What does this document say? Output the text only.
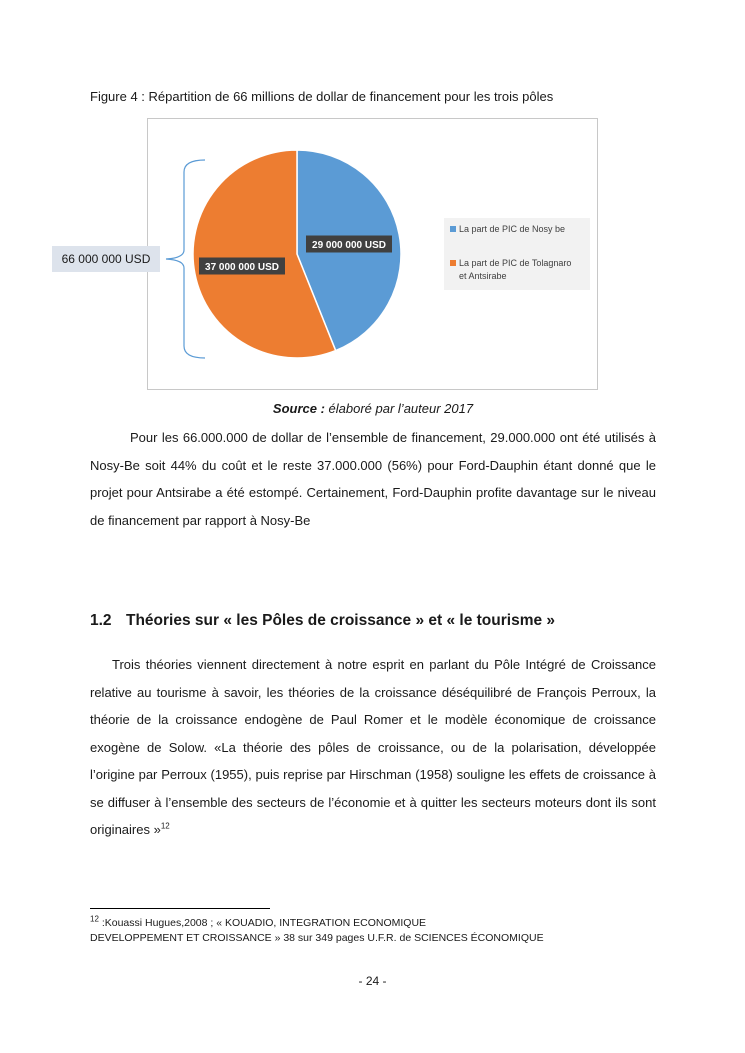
Figure 4 : Répartition de 66 millions de dollar de financement pour les trois pôles
29 000 000 USD
37 000 000 USD
La part de PIC de Nosy be
La part de PIC de Tolagnaro
et Antsirabe
66 000 000 USD
Source : élaboré par l’auteur 2017
Pour les 66.000.000 de dollar de l’ensemble de financement, 29.000.000 ont été utilisés à Nosy-Be soit 44% du coût et le reste 37.000.000 (56%) pour Ford-Dauphin étant donné que le projet pour Antsirabe a été estompé. Certainement, Ford-Dauphin profite davantage sur le niveau de financement par rapport à Nosy-Be
1.2 Théories sur « les Pôles de croissance » et « le tourisme »
Trois théories viennent directement à notre esprit en parlant du Pôle Intégré de Croissance relative au tourisme à savoir, les théories de la croissance déséquilibré de François Perroux, la théorie de la croissance endogène de Paul Romer et le modèle économique de croissance exogène de Solow. «La théorie des pôles de croissance, ou de la polarisation, développée l’origine par Perroux (1955), puis reprise par Hirschman (1958) souligne les effets de croissance à se diffuser à l’ensemble des secteurs de l’économie et à quitter les secteurs moteurs dont ils sont originaires »$^{12}$
$^{12}$ :Kouassi Hugues,2008 ; « KOUADIO, INTEGRATION ECONOMIQUE
DEVELOPPEMENT ET CROISSANCE » 38 sur 349 pages U.F.R. de SCIENCES ÉCONOMIQUE
- 24 -
